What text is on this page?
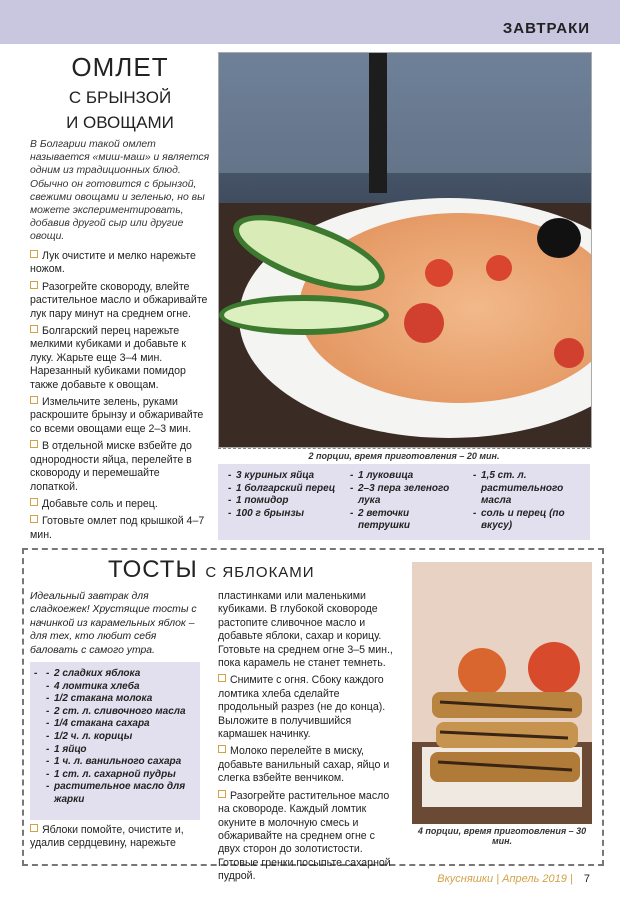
ЗАВТРАКИ
ОМЛЕТ
С БРЫНЗОЙ
И ОВОЩАМИ
В Болгарии такой омлет называется «миш-маш» и является одним из традиционных блюд. Обычно он готовится с брынзой, свежими овощами и зеленью, но вы можете экспериментировать, добавив другой сыр или другие овощи.
Лук очистите и мелко нарежьте ножом.
Разогрейте сковороду, влейте растительное масло и обжаривайте лук пару минут на среднем огне.
Болгарский перец нарежьте мелкими кубиками и добавьте к луку. Жарьте еще 3–4 мин. Нарезанный кубиками помидор также добавьте к овощам.
Измельчите зелень, руками раскрошите брынзу и обжаривайте со всеми овощами еще 2–3 мин.
В отдельной миске взбейте до однородности яйца, перелейте в сковороду и перемешайте лопаткой.
Добавьте соль и перец.
Готовьте омлет под крышкой 4–7 мин.
2 порции, время приготовления – 20 мин.
- 3 куриных яйца
- 1 болгарский перец
- 1 помидор
- 100 г брынзы
- 1 луковица
- 2–3 пера зеленого лука
- 2 веточки петрушки
- 1,5 ст. л. растительного масла
- соль и перец (по вкусу)
ТОСТЫ С ЯБЛОКАМИ
Идеальный завтрак для сладкоежек! Хрустящие тосты с начинкой из карамельных яблок – для тех, кто любит себя баловать с самого утра.
- - 2 сладких яблока
- 4 ломтика хлеба
- 1/2 стакана молока
- 2 ст. л. сливочного масла
- 1/4 стакана сахара
- 1/2 ч. л. корицы
- 1 яйцо
- 1 ч. л. ванильного сахара
- 1 ст. л. сахарной пудры
- растительное масло для жарки
Яблоки помойте, очистите и, удалив сердцевину, нарежьте
пластинками или маленькими кубиками. В глубокой сковороде растопите сливочное масло и добавьте яблоки, сахар и корицу. Готовьте на среднем огне 3–5 мин., пока карамель не станет темнеть.
Снимите с огня. Сбоку каждого ломтика хлеба сделайте продольный разрез (не до конца). Выложите в получившийся кармашек начинку.
Молоко перелейте в миску, добавьте ванильный сахар, яйцо и слегка взбейте венчиком.
Разогрейте растительное масло на сковороде. Каждый ломтик окуните в молочную смесь и обжаривайте на среднем огне с двух сторон до золотистости. Готовые гренки посыпьте сахарной пудрой.
4 порции, время приготовления – 30 мин.
Вкусняшки | Апрель 2019 | 7
